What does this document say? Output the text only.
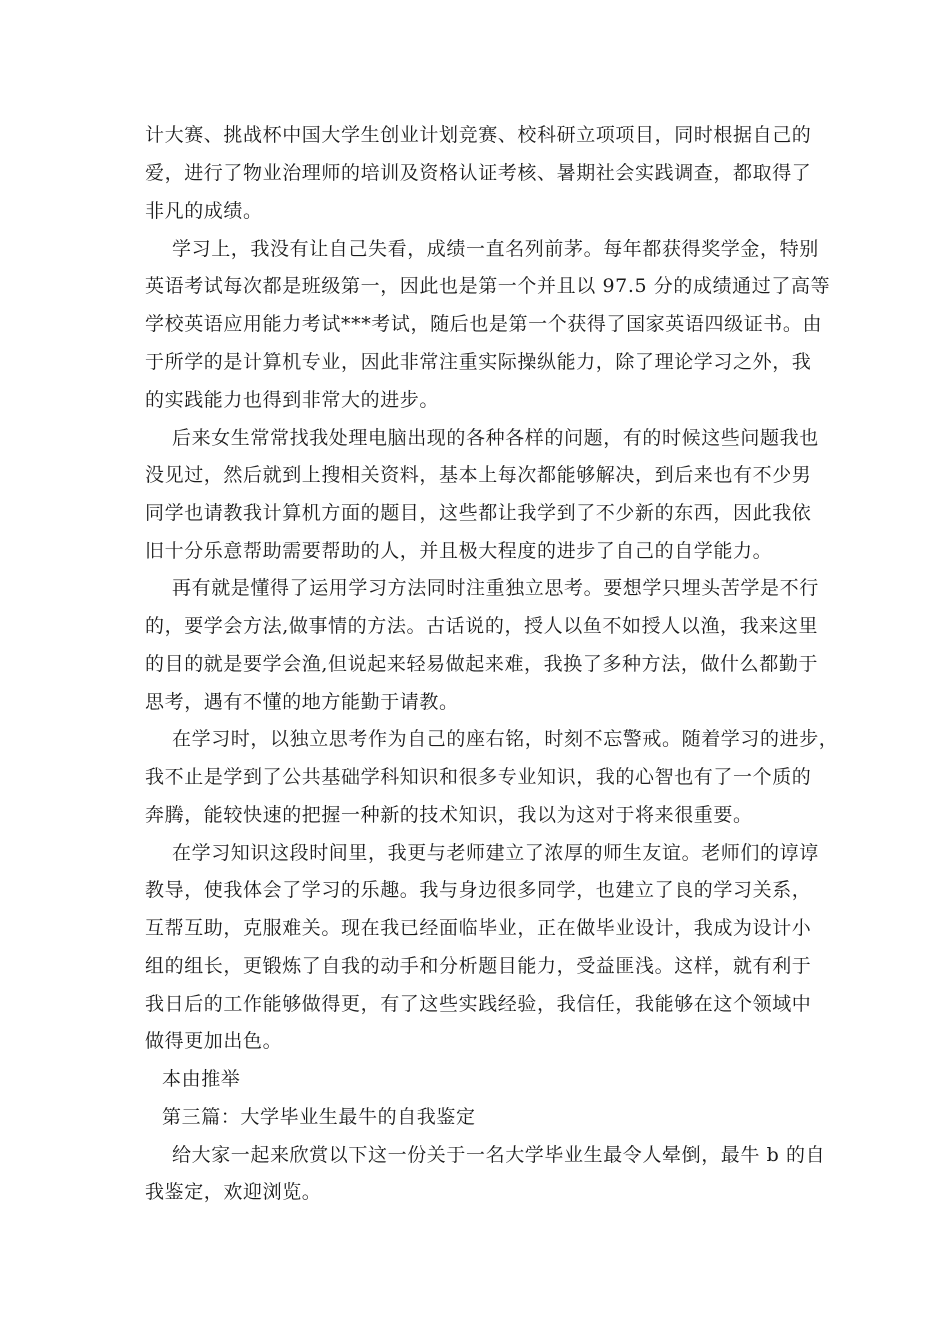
计大赛、挑战杯中国大学生创业计划竞赛、校科研立项项目，同时根据自己的
爱，进行了物业治理师的培训及资格认证考核、暑期社会实践调查，都取得了
非凡的成绩。
学习上，我没有让自己失看，成绩一直名列前茅。每年都获得奖学金，特别
英语考试每次都是班级第一，因此也是第一个并且以 97.5 分的成绩通过了高等
学校英语应用能力考试***考试，随后也是第一个获得了国家英语四级证书。由
于所学的是计算机专业，因此非常注重实际操纵能力，除了理论学习之外，我
的实践能力也得到非常大的进步。
后来女生常常找我处理电脑出现的各种各样的问题，有的时候这些问题我也
没见过，然后就到上搜相关资料，基本上每次都能够解决，到后来也有不少男
同学也请教我计算机方面的题目，这些都让我学到了不少新的东西，因此我依
旧十分乐意帮助需要帮助的人，并且极大程度的进步了自己的自学能力。
再有就是懂得了运用学习方法同时注重独立思考。要想学只埋头苦学是不行
的，要学会方法,做事情的方法。古话说的，授人以鱼不如授人以渔，我来这里
的目的就是要学会渔,但说起来轻易做起来难，我换了多种方法，做什么都勤于
思考，遇有不懂的地方能勤于请教。
在学习时，以独立思考作为自己的座右铭，时刻不忘警戒。随着学习的进步，
我不止是学到了公共基础学科知识和很多专业知识，我的心智也有了一个质的
奔腾，能较快速的把握一种新的技术知识，我以为这对于将来很重要。
在学习知识这段时间里，我更与老师建立了浓厚的师生友谊。老师们的谆谆
教导，使我体会了学习的乐趣。我与身边很多同学，也建立了良的学习关系，
互帮互助，克服难关。现在我已经面临毕业，正在做毕业设计，我成为设计小
组的组长，更锻炼了自我的动手和分析题目能力，受益匪浅。这样，就有利于
我日后的工作能够做得更，有了这些实践经验，我信任，我能够在这个领域中
做得更加出色。
本由推举
第三篇：大学毕业生最牛的自我鉴定
给大家一起来欣赏以下这一份关于一名大学毕业生最令人晕倒，最牛 b 的自
我鉴定，欢迎浏览。
